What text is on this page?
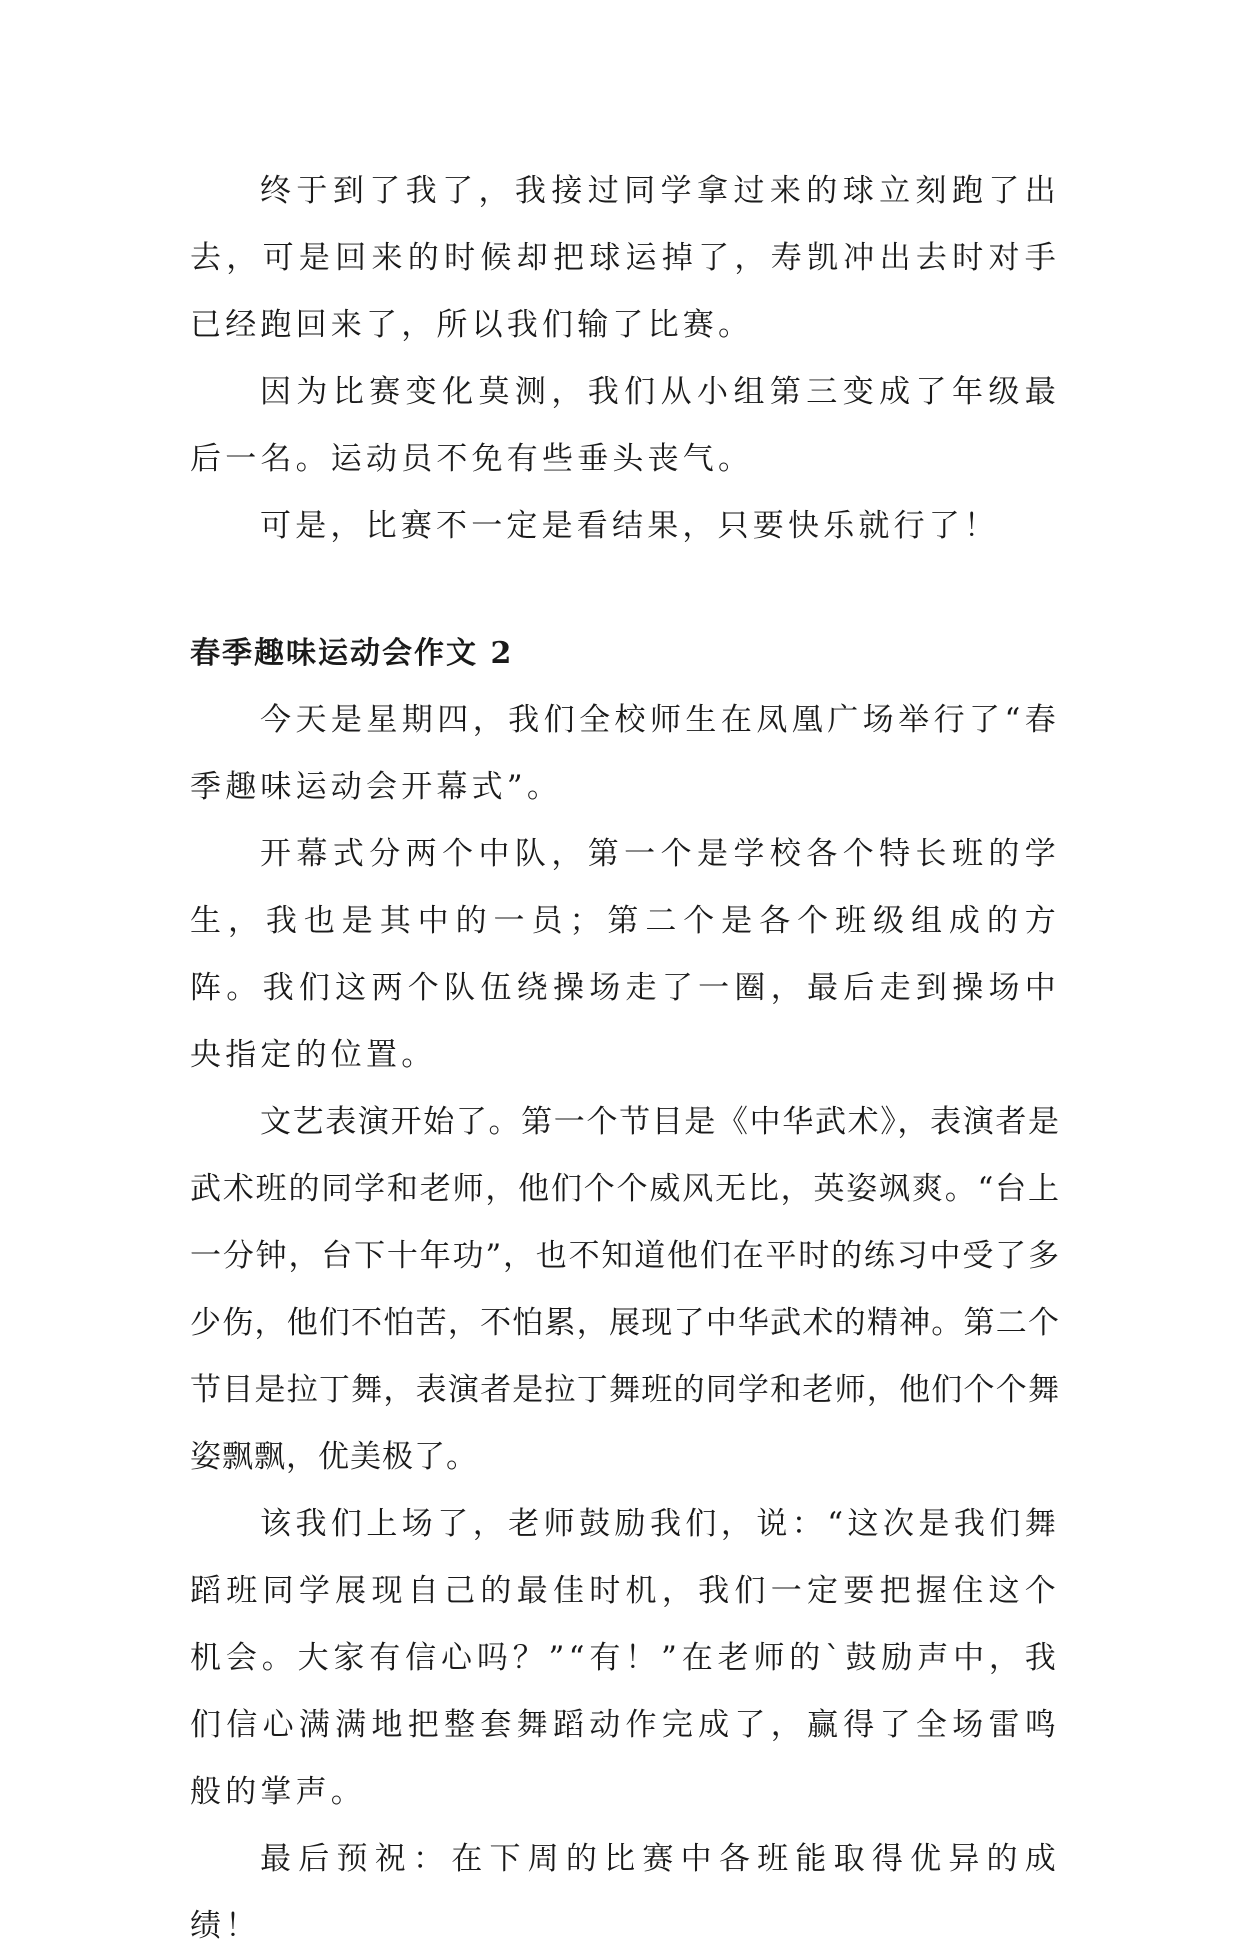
终于到了我了，我接过同学拿过来的球立刻跑了出去，可是回来的时候却把球运掉了，寿凯冲出去时对手已经跑回来了，所以我们输了比赛。

因为比赛变化莫测，我们从小组第三变成了年级最后一名。运动员不免有些垂头丧气。

可是，比赛不一定是看结果，只要快乐就行了！

春季趣味运动会作文 2

今天是星期四，我们全校师生在凤凰广场举行了“春季趣味运动会开幕式”。

开幕式分两个中队，第一个是学校各个特长班的学生，我也是其中的一员；第二个是各个班级组成的方阵。我们这两个队伍绕操场走了一圈，最后走到操场中央指定的位置。

文艺表演开始了。第一个节目是《中华武术》，表演者是武术班的同学和老师，他们个个威风无比，英姿飒爽。“台上一分钟，台下十年功”，也不知道他们在平时的练习中受了多少伤，他们不怕苦，不怕累，展现了中华武术的精神。第二个节目是拉丁舞，表演者是拉丁舞班的同学和老师，他们个个舞姿飘飘，优美极了。

该我们上场了，老师鼓励我们，说：“这次是我们舞蹈班同学展现自己的最佳时机，我们一定要把握住这个机会。大家有信心吗？”“有！”在老师的`鼓励声中，我们信心满满地把整套舞蹈动作完成了，赢得了全场雷鸣般的掌声。

最后预祝：在下周的比赛中各班能取得优异的成绩！
